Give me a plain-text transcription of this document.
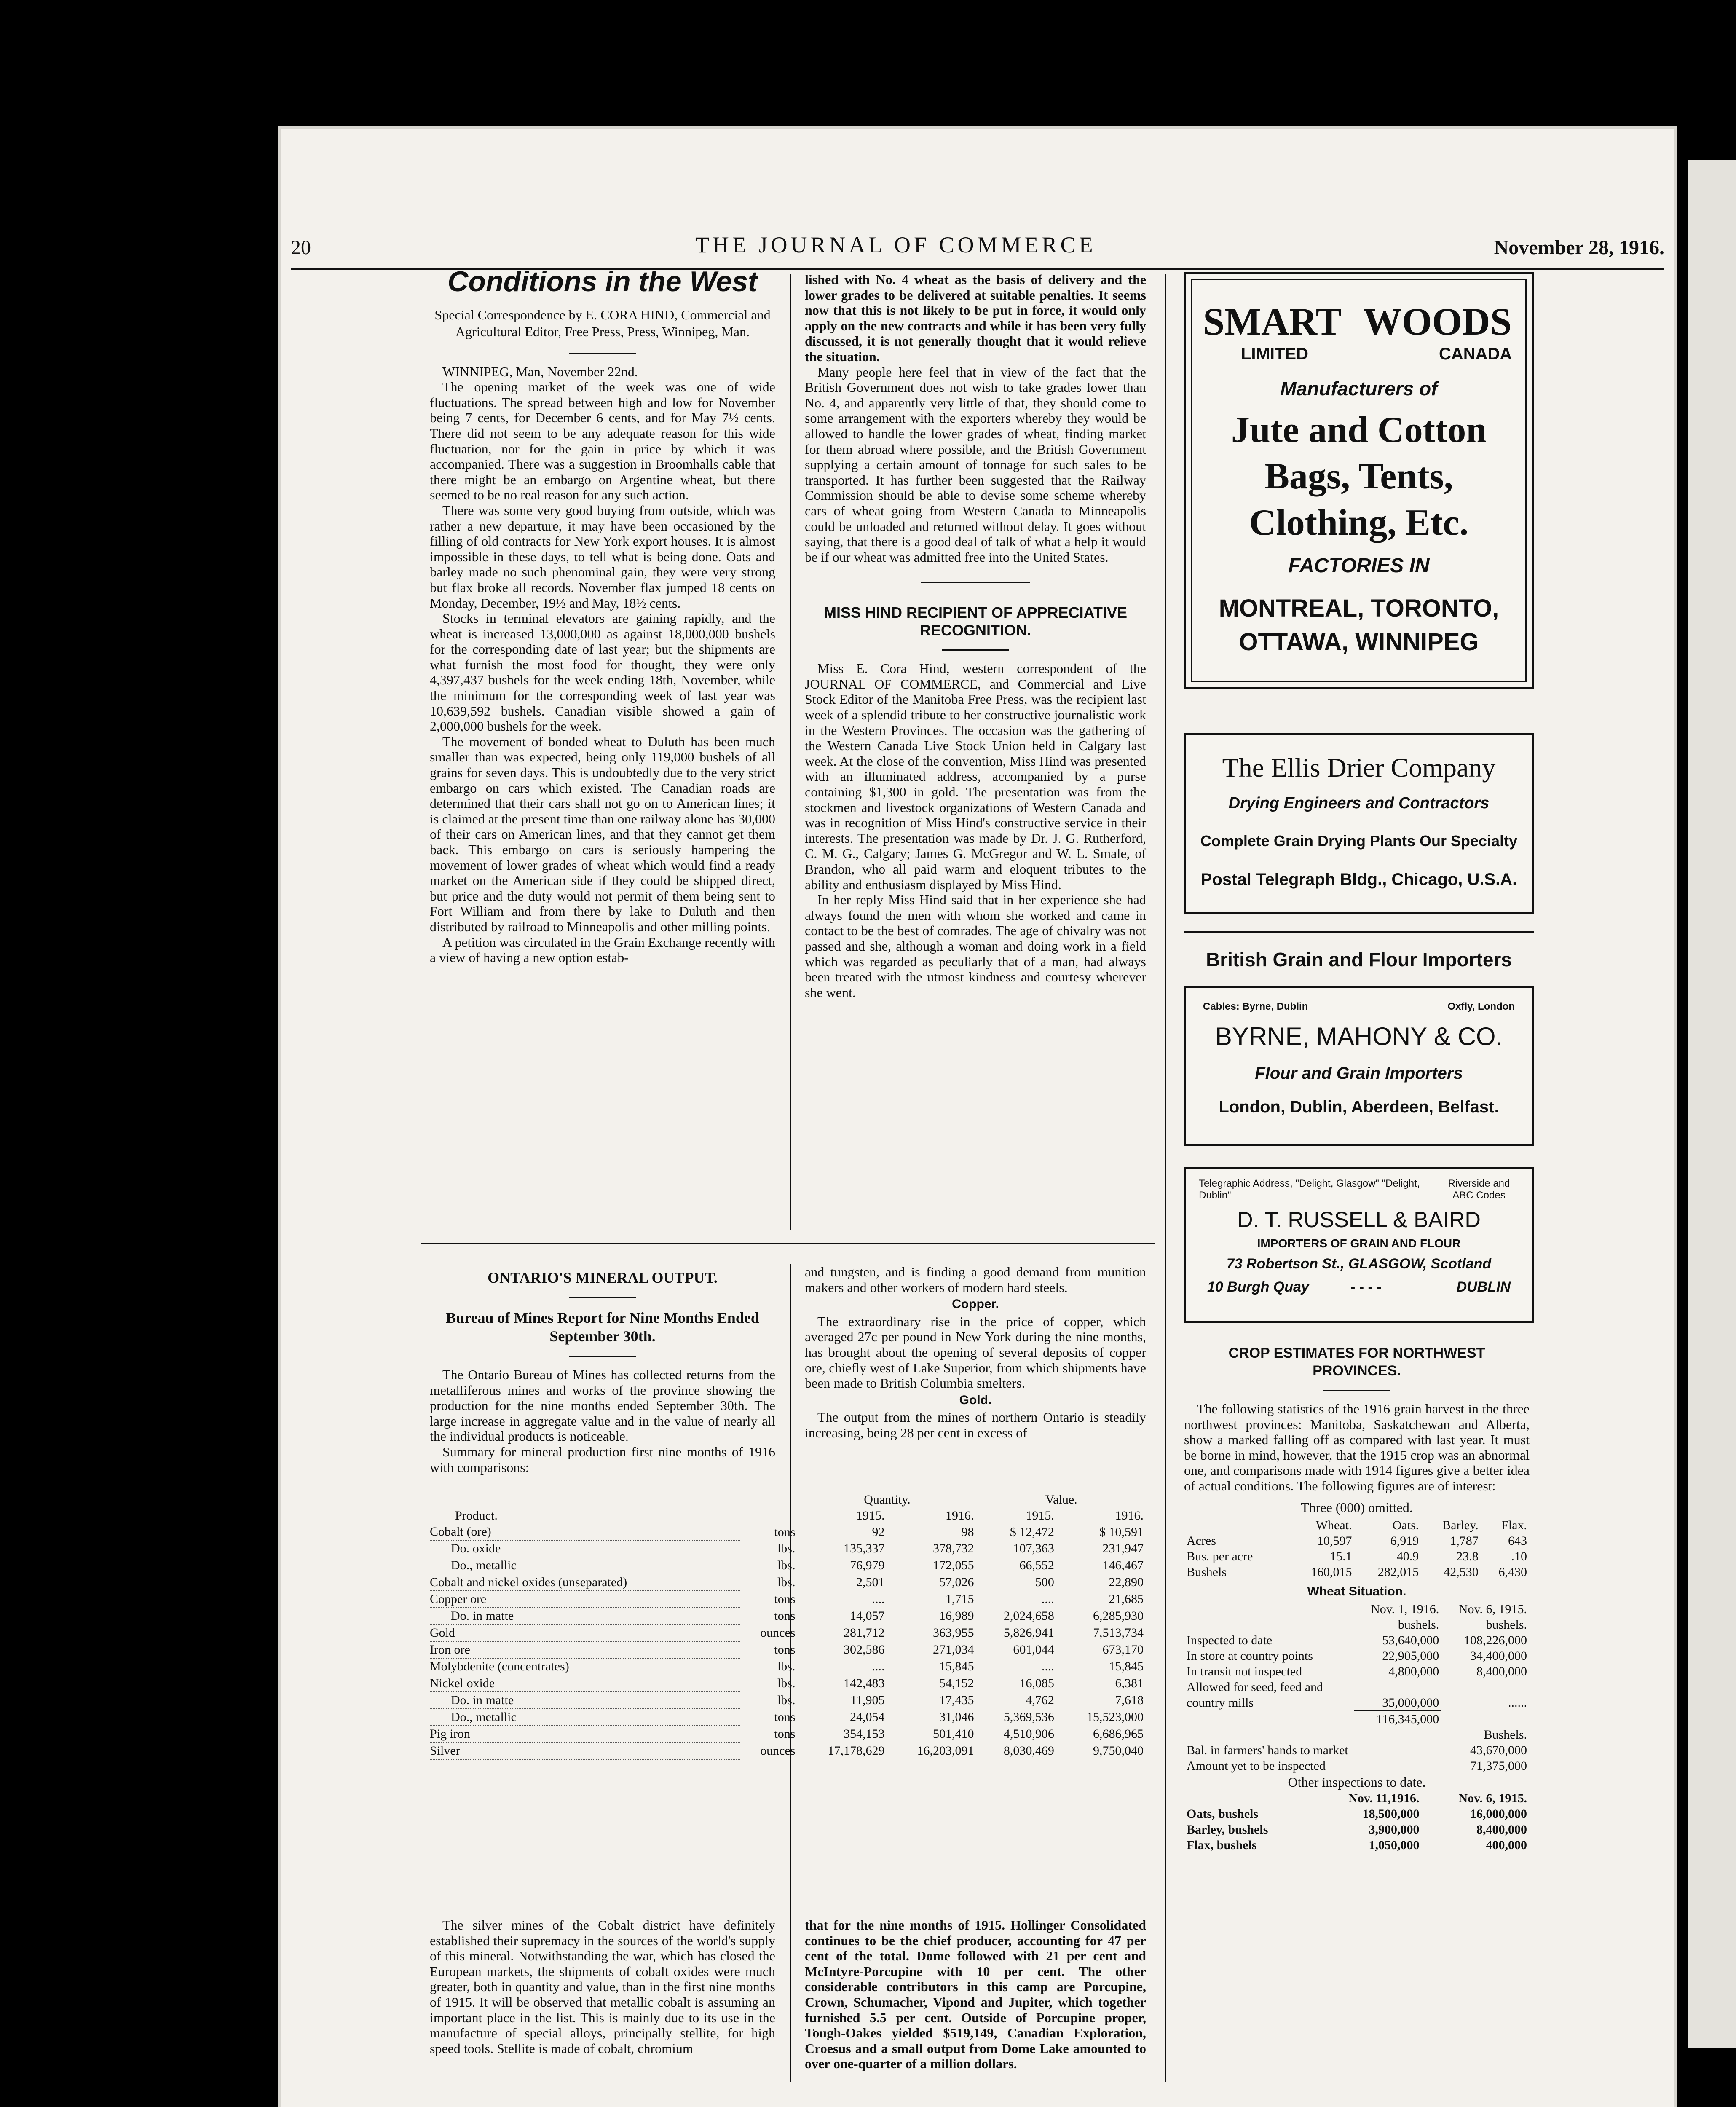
20	THE JOURNAL OF COMMERCE	November 28, 1916.
Conditions in the West
Special Correspondence by E. CORA HIND, Commercial and Agricultural Editor, Free Press, Press, Winnipeg, Man.

WINNIPEG, Man, November 22nd.

The opening market of the week was one of wide fluctuations. The spread between high and low for November being 7 cents, for December 6 cents, and for May 7½ cents. There did not seem to be any adequate reason for this wide fluctuation, nor for the gain in price by which it was accompanied. There was a suggestion in Broomhalls cable that there might be an embargo on Argentine wheat, but there seemed to be no real reason for any such action.

There was some very good buying from outside, which was rather a new departure, it may have been occasioned by the filling of old contracts for New York export houses. It is almost impossible in these days, to tell what is being done. Oats and barley made no such phenominal gain, they were very strong but flax broke all records. November flax jumped 18 cents on Monday, December, 19½ and May, 18½ cents.

Stocks in terminal elevators are gaining rapidly, and the wheat is increased 13,000,000 as against 18,000,000 bushels for the corresponding date of last year; but the shipments are what furnish the most food for thought, they were only 4,397,437 bushels for the week ending 18th, November, while the minimum for the corresponding week of last year was 10,639,592 bushels. Canadian visible showed a gain of 2,000,000 bushels for the week.

The movement of bonded wheat to Duluth has been much smaller than was expected, being only 119,000 bushels of all grains for seven days. This is undoubtedly due to the very strict embargo on cars which existed. The Canadian roads are determined that their cars shall not go on to American lines; it is claimed at the present time than one railway alone has 30,000 of their cars on American lines, and that they cannot get them back. This embargo on cars is seriously hampering the movement of lower grades of wheat which would find a ready market on the American side if they could be shipped direct, but price and the duty would not permit of them being sent to Fort William and from there by lake to Duluth and then distributed by railroad to Minneapolis and other milling points.

A petition was circulated in the Grain Exchange recently with a view of having a new option estab-

lished with No. 4 wheat as the basis of delivery and the lower grades to be delivered at suitable penalties. It seems now that this is not likely to be put in force, it would only apply on the new contracts and while it has been very fully discussed, it is not generally thought that it would relieve the situation.

Many people here feel that in view of the fact that the British Government does not wish to take grades lower than No. 4, and apparently very little of that, they should come to some arrangement with the exporters whereby they would be allowed to handle the lower grades of wheat, finding market for them abroad where possible, and the British Government supplying a certain amount of tonnage for such sales to be transported. It has further been suggested that the Railway Commission should be able to devise some scheme whereby cars of wheat going from Western Canada to Minneapolis could be unloaded and returned without delay. It goes without saying, that there is a good deal of talk of what a help it would be if our wheat was admitted free into the United States.

MISS HIND RECIPIENT OF APPRECIATIVE RECOGNITION.

Miss E. Cora Hind, western correspondent of the JOURNAL OF COMMERCE, and Commercial and Live Stock Editor of the Manitoba Free Press, was the recipient last week of a splendid tribute to her constructive journalistic work in the Western Provinces. The occasion was the gathering of the Western Canada Live Stock Union held in Calgary last week. At the close of the convention, Miss Hind was presented with an illuminated address, accompanied by a purse containing $1,300 in gold. The presentation was from the stockmen and livestock organizations of Western Canada and was in recognition of Miss Hind's constructive service in their interests. The presentation was made by Dr. J. G. Rutherford, C. M. G., Calgary; James G. McGregor and W. L. Smale, of Brandon, who all paid warm and eloquent tributes to the ability and enthusiasm displayed by Miss Hind.

In her reply Miss Hind said that in her experience she had always found the men with whom she worked and came in contact to be the best of comrades. The age of chivalry was not passed and she, although a woman and doing work in a field which was regarded as peculiarly that of a man, had always been treated with the utmost kindness and courtesy wherever she went.

ONTARIO'S MINERAL OUTPUT.
Bureau of Mines Report for Nine Months Ended September 30th.

The Ontario Bureau of Mines has collected returns from the metalliferous mines and works of the province showing the production for the nine months ended September 30th. The large increase in aggregate value and in the value of nearly all the individual products is noticeable.

Summary for mineral production first nine months of 1916 with comparisons:

and tungsten, and is finding a good demand from munition makers and other workers of modern hard steels.

Copper.

The extraordinary rise in the price of copper, which averaged 27c per pound in New York during the nine months, has brought about the opening of several deposits of copper ore, chiefly west of Lake Superior, from which shipments have been made to British Columbia smelters.

Gold.

The output from the mines of northern Ontario is steadily increasing, being 28 per cent in excess of

		Quantity.		Value.	
Product.		1915.	1916.	1915.	1916.
Cobalt (ore)	tons	92	98	$ 12,472	$ 10,591
Do. oxide	lbs.	135,337	378,732	107,363	231,947
Do., metallic	lbs.	76,979	172,055	66,552	146,467
Cobalt and nickel oxides (unseparated)	lbs.	2,501	57,026	500	22,890
Copper ore	tons	....	1,715	....	21,685
Do. in matte	tons	14,057	16,989	2,024,658	6,285,930
Gold	ounces	281,712	363,955	5,826,941	7,513,734
Iron ore	tons	302,586	271,034	601,044	673,170
Molybdenite (concentrates)	lbs.	....	15,845	....	15,845
Nickel oxide	lbs.	142,483	54,152	16,085	6,381
Do. in matte	lbs.	11,905	17,435	4,762	7,618
Do., metallic	tons	24,054	31,046	5,369,536	15,523,000
Pig iron	tons	354,153	501,410	4,510,906	6,686,965
Silver	ounces	17,178,629	16,203,091	8,030,469	9,750,040

The silver mines of the Cobalt district have definitely established their supremacy in the sources of the world's supply of this mineral. Notwithstanding the war, which has closed the European markets, the shipments of cobalt oxides were much greater, both in quantity and value, than in the first nine months of 1915. It will be observed that metallic cobalt is assuming an important place in the list. This is mainly due to its use in the manufacture of special alloys, principally stellite, for high speed tools. Stellite is made of cobalt, chromium

that for the nine months of 1915. Hollinger Consolidated continues to be the chief producer, accounting for 47 per cent of the total. Dome followed with 21 per cent and McIntyre-Porcupine with 10 per cent. The other considerable contributors in this camp are Porcupine, Crown, Schumacher, Vipond and Jupiter, which together furnished 5.5 per cent. Outside of Porcupine proper, Tough-Oakes yielded $519,149, Canadian Exploration, Croesus and a small output from Dome Lake amounted to over one-quarter of a million dollars.

SMART WOODS
LIMITED	CANADA
Manufacturers of
Jute and Cotton
Bags, Tents,
Clothing, Etc.
FACTORIES IN
MONTREAL, TORONTO,
OTTAWA, WINNIPEG
The Ellis Drier Company
Drying Engineers and Contractors
Complete Grain Drying Plants Our Specialty
Postal Telegraph Bldg., Chicago, U.S.A.
British Grain and Flour Importers
Cables: Byrne, Dublin	Oxfly, London
BYRNE, MAHONY & CO.
Flour and Grain Importers
London, Dublin, Aberdeen, Belfast.
Telegraphic Address, "Delight, Glasgow" "Delight, Dublin"
Riverside and ABC Codes
D. T. RUSSELL & BAIRD
IMPORTERS OF GRAIN AND FLOUR
73 Robertson St., GLASGOW, Scotland
10 Burgh Quay	- - - -	DUBLIN
CROP ESTIMATES FOR NORTHWEST PROVINCES.

The following statistics of the 1916 grain harvest in the three northwest provinces: Manitoba, Saskatchewan and Alberta, show a marked falling off as compared with last year. It must be borne in mind, however, that the 1915 crop was an abnormal one, and comparisons made with 1914 figures give a better idea of actual conditions. The following figures are of interest:

Three (000) omitted.
	Wheat.	Oats.	Barley.	Flax.
Acres	10,597	6,919	1,787	643
Bus. per acre	15.1	40.9	23.8	.10
Bushels	160,015	282,015	42,530	6,430
Wheat Situation.
	Nov. 1, 1916.	Nov. 6, 1915.
	bushels.	bushels.
Inspected to date	53,640,000	108,226,000
In store at country points	22,905,000	34,400,000
In transit not inspected	4,800,000	8,400,000
Allowed for seed, feed and		
country mills	35,000,000	......
	116,345,000	
		Bushels.
Bal. in farmers' hands to market		43,670,000
Amount yet to be inspected		71,375,000
Other inspections to date.
	Nov. 11,1916.	Nov. 6, 1915.
Oats, bushels	18,500,000	16,000,000
Barley, bushels	3,900,000	8,400,000
Flax, bushels	1,050,000	400,000
